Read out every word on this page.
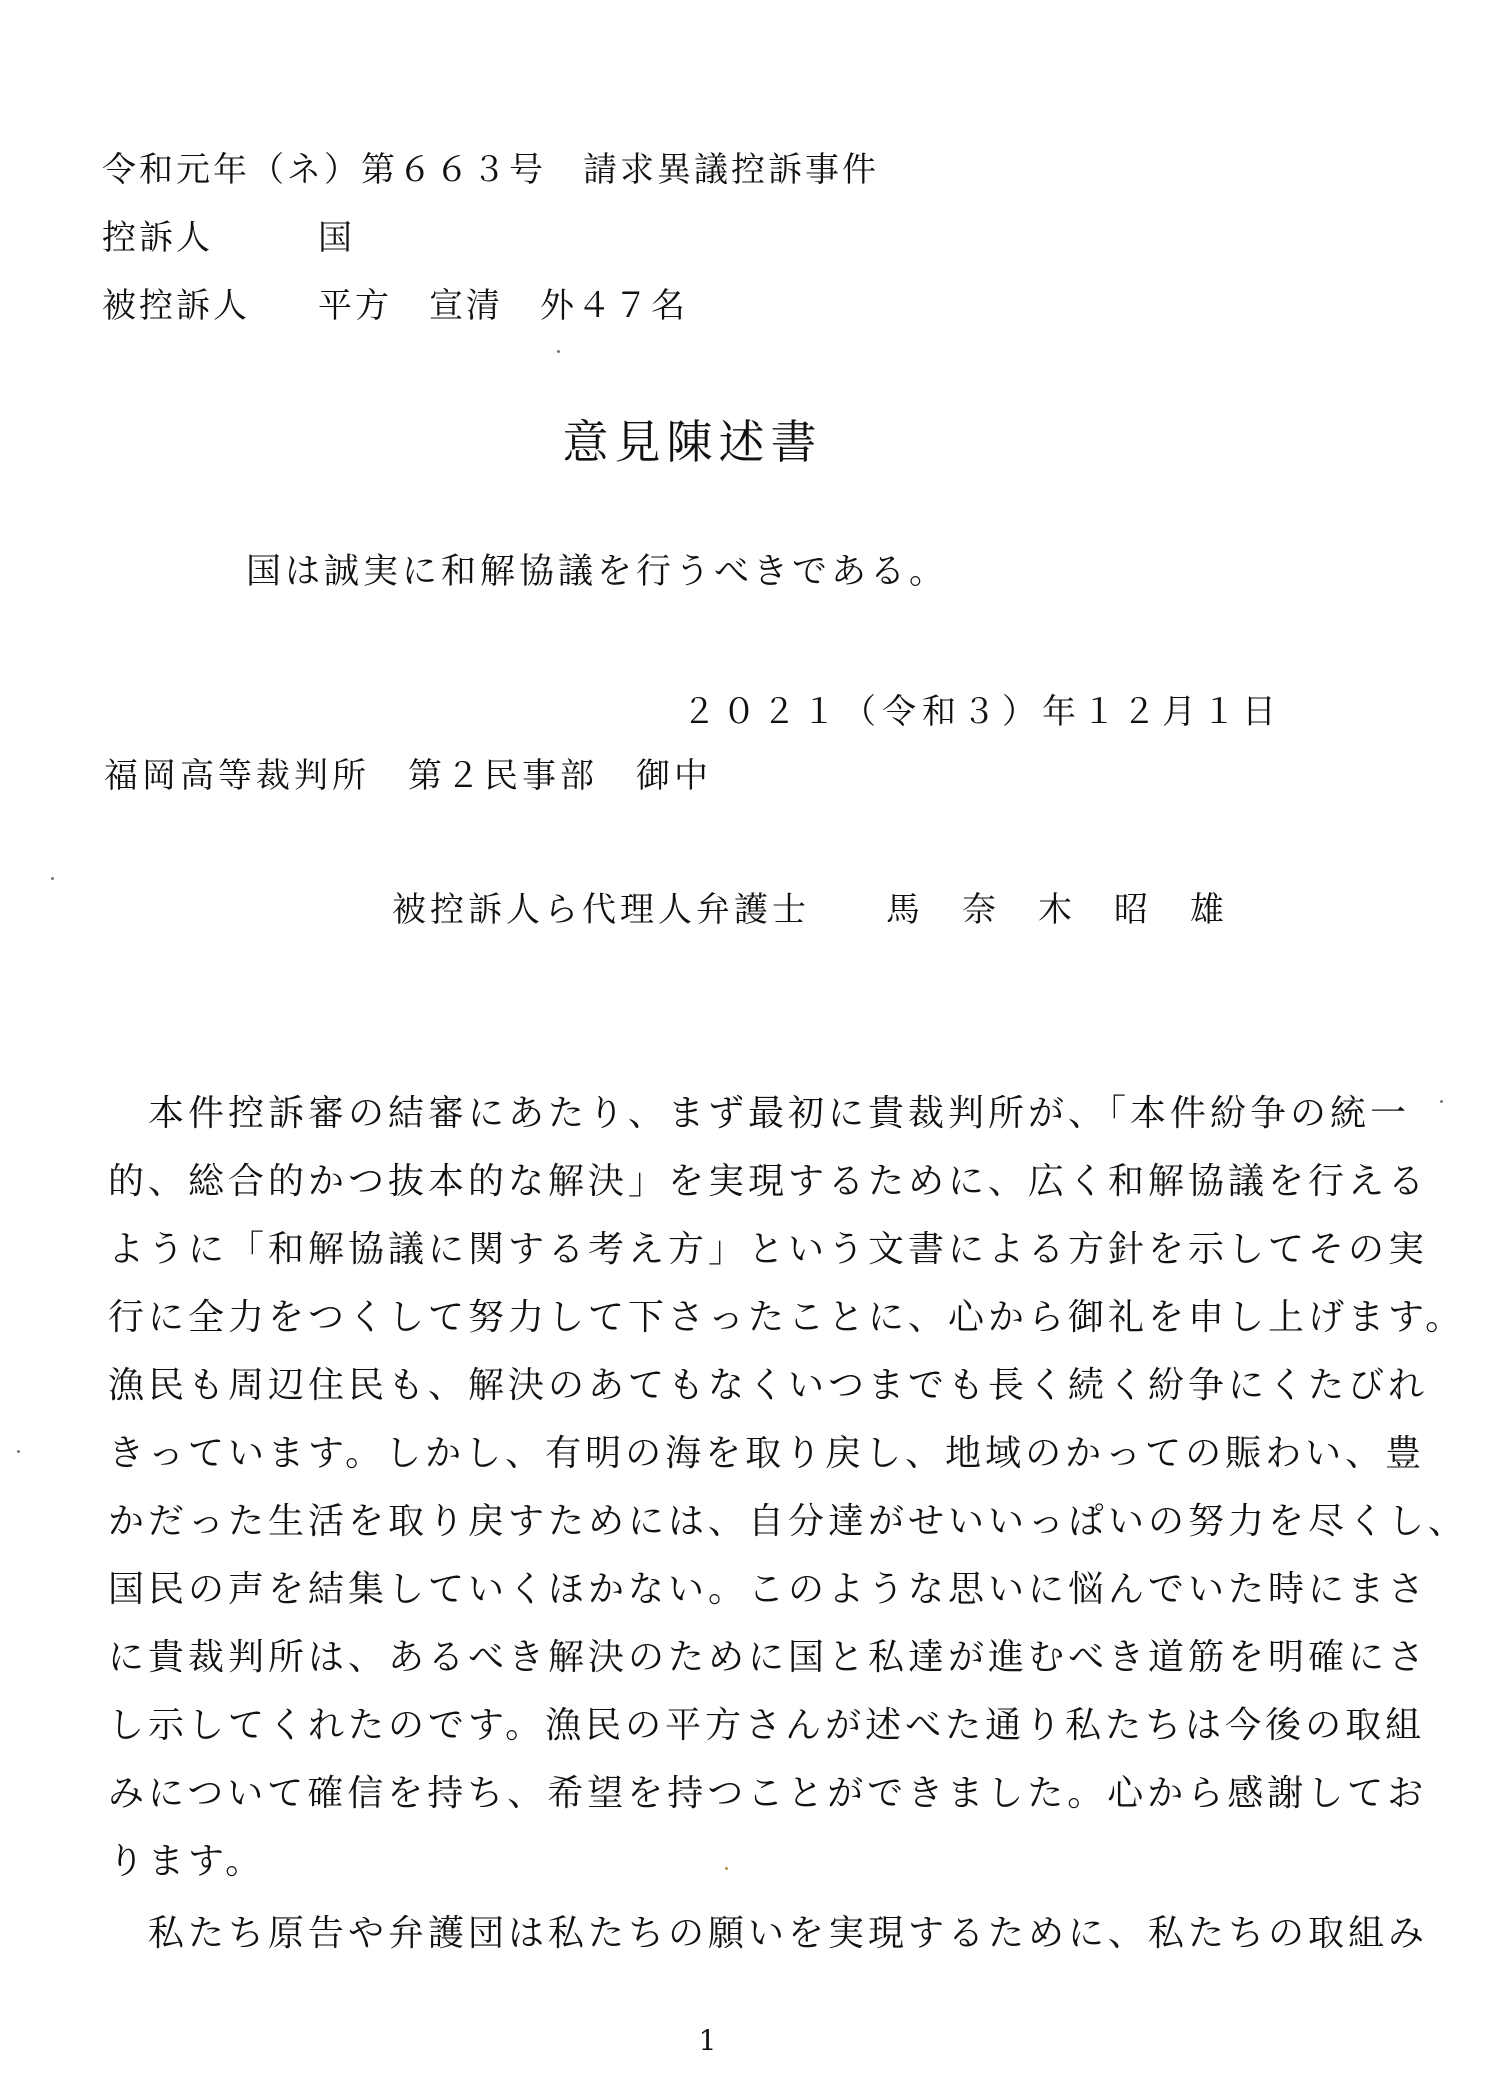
令和元年（ネ）第６６３号　請求異議控訴事件
控訴人	国
被控訴人 平方　宣清　外４７名
意見陳述書
国は誠実に和解協議を行うべきである。
２０２１（令和３）年１２月１日
福岡高等裁判所　第２民事部　御中
被控訴人ら代理人弁護士　　馬　奈　木　昭　雄
　本件控訴審の結審にあたり、まず最初に貴裁判所が、「本件紛争の統一
的、総合的かつ抜本的な解決」を実現するために、広く和解協議を行える
ように「和解協議に関する考え方」という文書による方針を示してその実
行に全力をつくして努力して下さったことに、心から御礼を申し上げます。
漁民も周辺住民も、解決のあてもなくいつまでも長く続く紛争にくたびれ
きっています。しかし、有明の海を取り戻し、地域のかっての賑わい、豊
かだった生活を取り戻すためには、自分達がせいいっぱいの努力を尽くし、
国民の声を結集していくほかない。このような思いに悩んでいた時にまさ
に貴裁判所は、あるべき解決のために国と私達が進むべき道筋を明確にさ
し示してくれたのです。漁民の平方さんが述べた通り私たちは今後の取組
みについて確信を持ち、希望を持つことができました。心から感謝してお
ります。
　私たち原告や弁護団は私たちの願いを実現するために、私たちの取組み
1
